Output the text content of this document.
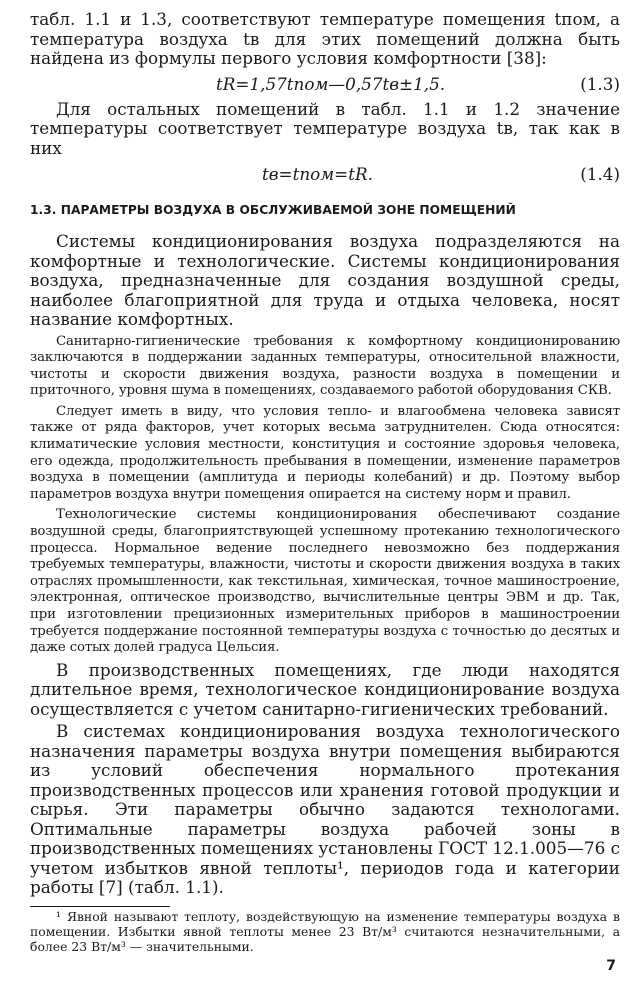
табл. 1.1 и 1.3, соответствуют температуре помещения tпом, а температура воздуха tв для этих помещений должна быть найдена из формулы первого условия комфортности [38]:

tR=1,57tпом—0,57tв±1,5.	(1.3)

Для остальных помещений в табл. 1.1 и 1.2 значение температуры соответствует температуре воздуха tв, так как в них

tв=tпом=tR.	(1.4)
1.3. ПАРАМЕТРЫ ВОЗДУХА В ОБСЛУЖИВАЕМОЙ ЗОНЕ ПОМЕЩЕНИЙ

Системы кондиционирования воздуха подразделяются на комфортные и технологические. Системы кондиционирования воздуха, предназначенные для создания воздушной среды, наиболее благоприятной для труда и отдыха человека, носят название комфортных.

Санитарно-гигиенические требования к комфортному кондиционированию заключаются в поддержании заданных температуры, относительной влажности, чистоты и скорости движения воздуха, разности воздуха в помещении и приточного, уровня шума в помещениях, создаваемого работой оборудования СКВ.

Следует иметь в виду, что условия тепло- и влагообмена человека зависят также от ряда факторов, учет которых весьма затруднителен. Сюда относятся: климатические условия местности, конституция и состояние здоровья человека, его одежда, продолжительность пребывания в помещении, изменение параметров воздуха в помещении (амплитуда и периоды колебаний) и др. Поэтому выбор параметров воздуха внутри помещения опирается на систему норм и правил.

Технологические системы кондиционирования обеспечивают создание воздушной среды, благоприятствующей успешному протеканию технологического процесса. Нормальное ведение последнего невозможно без поддержания требуемых температуры, влажности, чистоты и скорости движения воздуха в таких отраслях промышленности, как текстильная, химическая, точное машиностроение, электронная, оптическое производство, вычислительные центры ЭВМ и др. Так, при изготовлении прецизионных измерительных приборов в машиностроении требуется поддержание постоянной температуры воздуха с точностью до десятых и даже сотых долей градуса Цельсия.

В производственных помещениях, где люди находятся длительное время, технологическое кондиционирование воздуха осуществляется с учетом санитарно-гигиенических требований.

В системах кондиционирования воздуха технологического назначения параметры воздуха внутри помещения выбираются из условий обеспечения нормального протекания производственных процессов или хранения готовой продукции и сырья. Эти параметры обычно задаются технологами. Оптимальные параметры воздуха рабочей зоны в производственных помещениях установлены ГОСТ 12.1.005—76 с учетом избытков явной теплоты¹, периодов года и категории работы [7] (табл. 1.1).

¹ Явной называют теплоту, воздействующую на изменение температуры воздуха в помещении. Избытки явной теплоты менее 23 Вт/м³ считаются незначительными, а более 23 Вт/м³ — значительными.

7
